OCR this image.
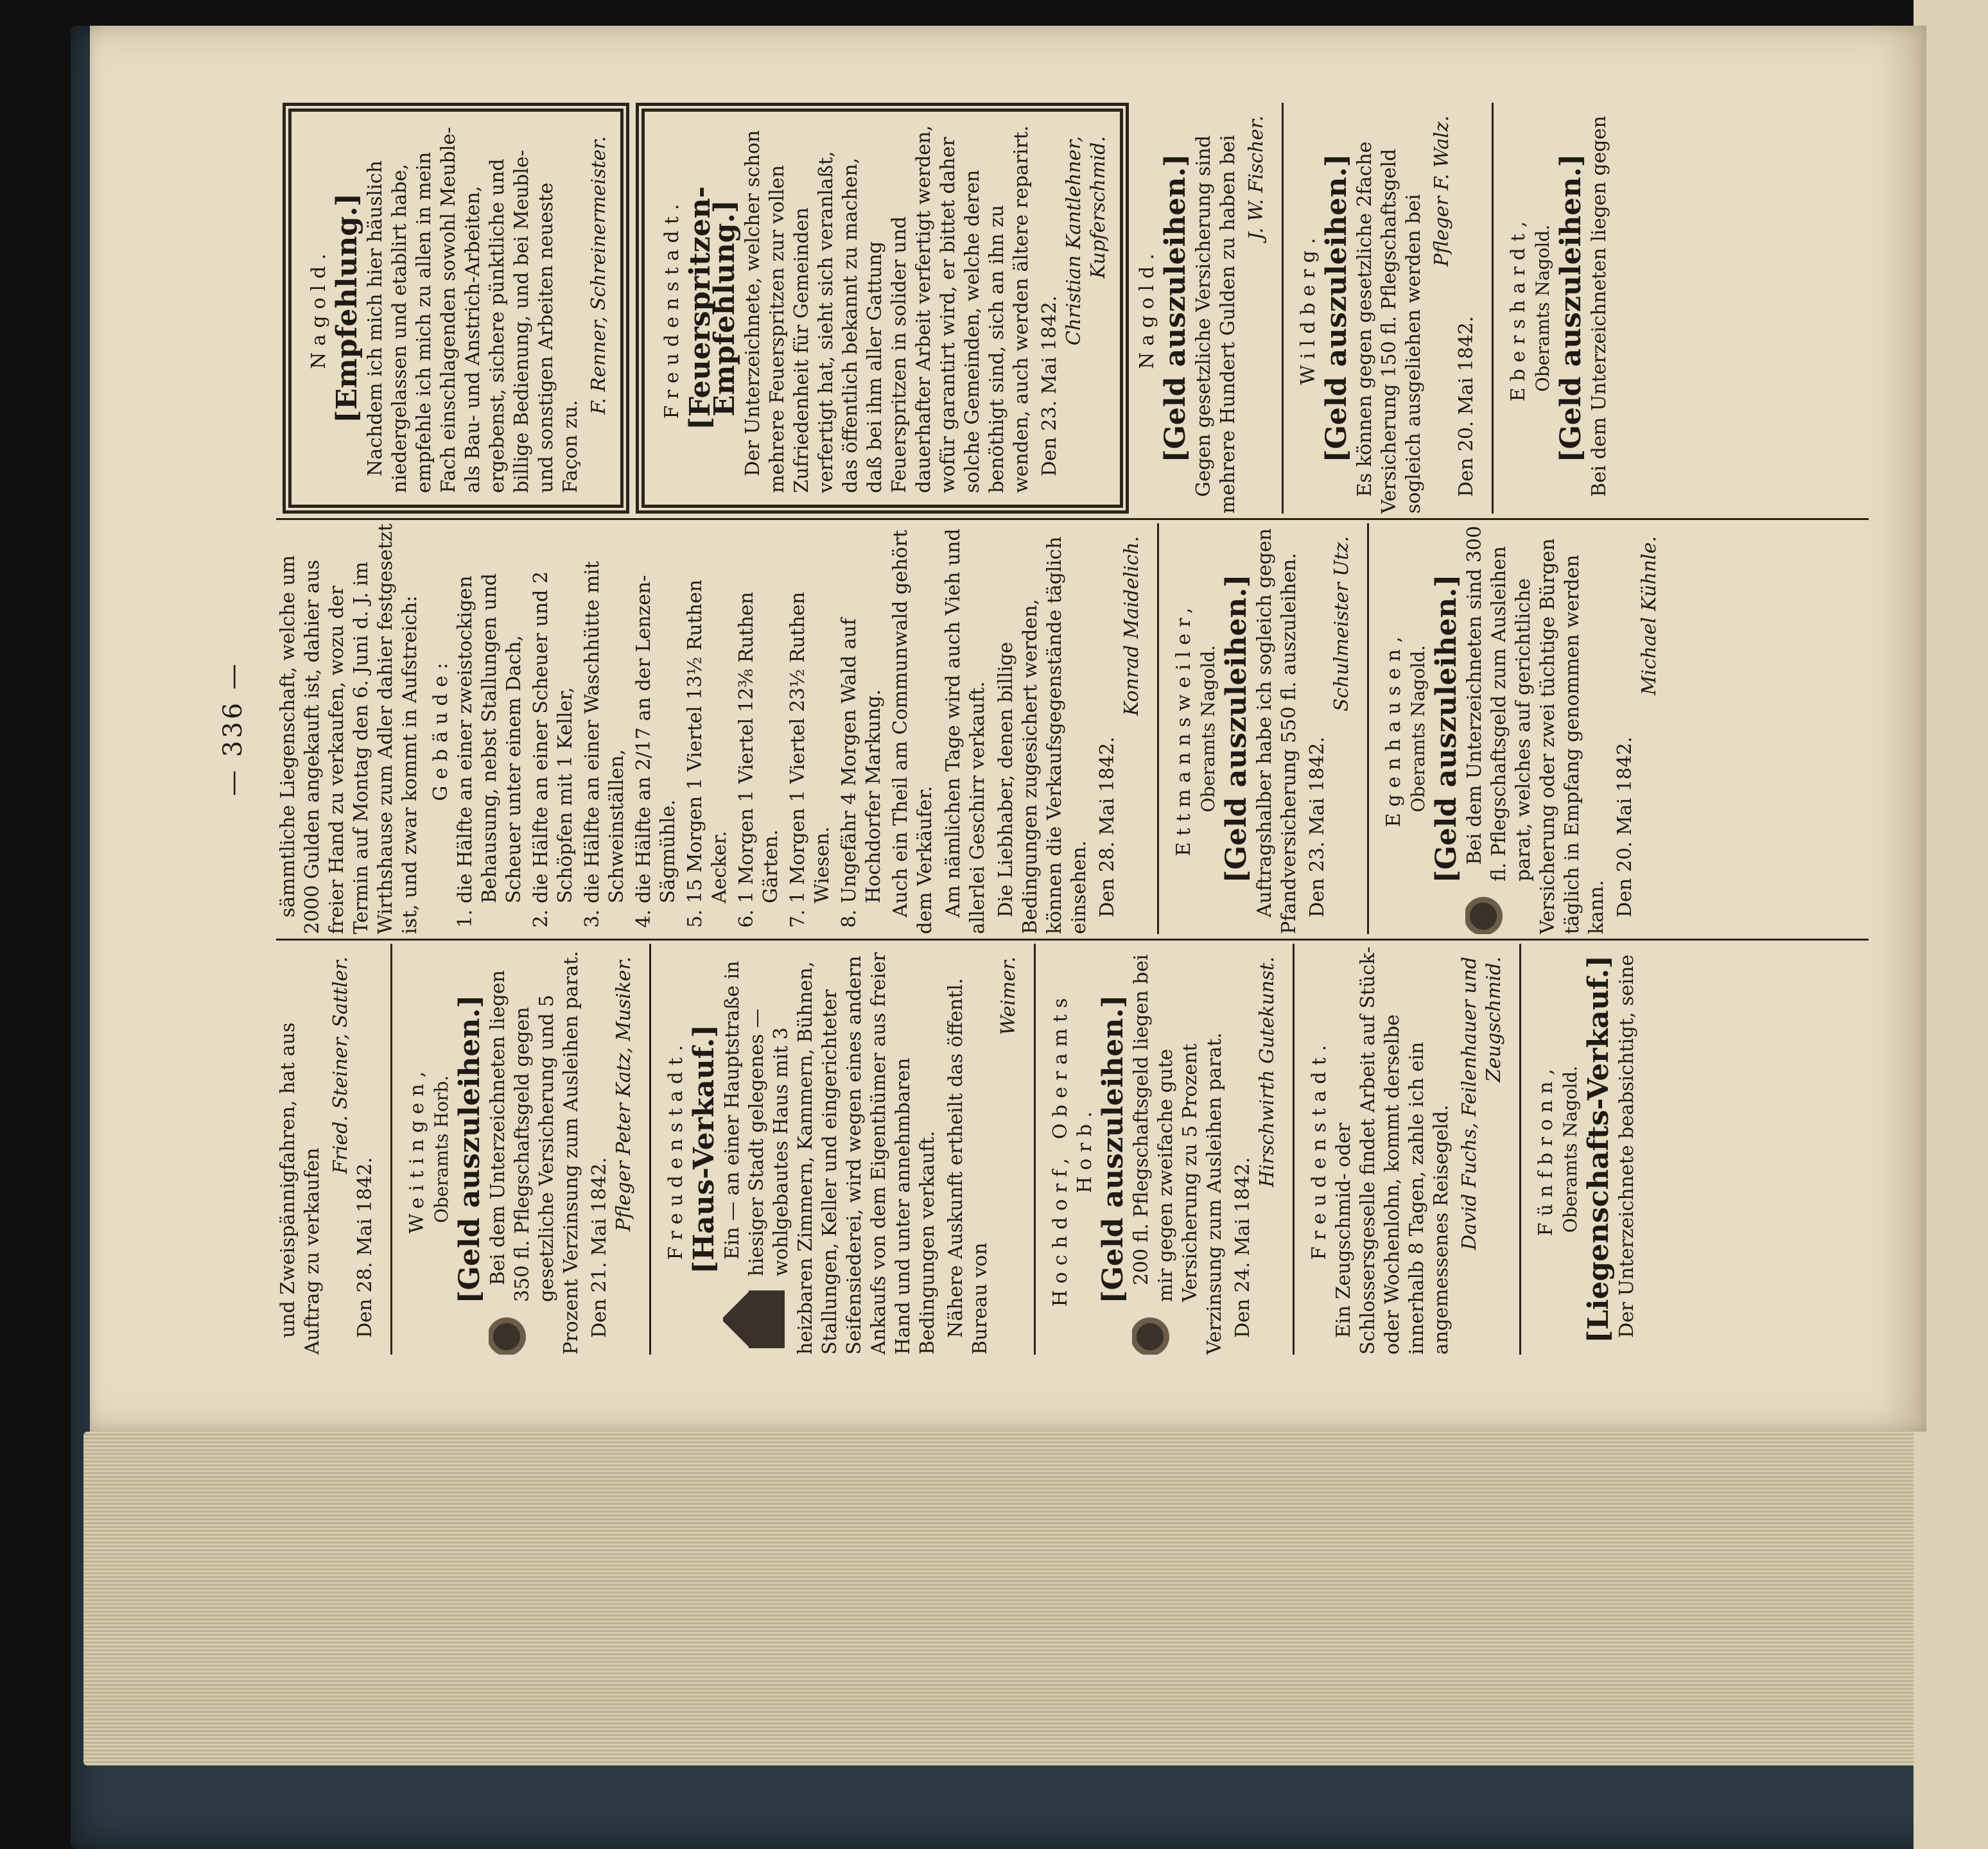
— 336 —

und Zweispännigfahren, hat aus Auftrag zu verkaufen

Fried. Steiner, Sattler.
Den 28. Mai 1842.
Weitingen, Oberamts Horb. [Geld auszuleihen.] Bei dem Unterzeichneten liegen 350 fl. Pflegschaftsgeld gegen gesetzliche Versicherung und 5 Prozent Verzinsung zum Ausleihen parat. Den 21. Mai 1842.
Pfleger Peter Katz, Musiker. Freudenstadt. [Haus-Verkauf.] Ein — an einer Hauptstraße in hiesiger Stadt gelegenes — wohlgebautes Haus mit 3 heizbaren Zimmern, Kammern, Bühnen, Stallungen, Keller und eingerichteter Seifensiederei, wird wegen eines andern Ankaufs von dem Eigenthümer aus freier Hand und unter annehmbaren Bedingungen verkauft. Nähere Auskunft ertheilt das öffentl. Bureau von

Weimer. Hochdorf, Oberamts Horb. [Geld auszuleihen.] 200 fl. Pflegschaftsgeld liegen bei mir gegen zweifache gute Versicherung zu 5 Prozent Verzinsung zum Ausleihen parat. Den 24. Mai 1842.
Hirschwirth Gutekunst. Freudenstadt. Ein Zeugschmid- oder Schlossersgeselle findet Arbeit auf Stück- oder Wochenlohn, kommt derselbe innerhalb 8 Tagen, zahle ich ein angemessenes Reisegeld. David Fuchs, Feilenhauer und Zeugschmid.
Fünfbronn, Oberamts Nagold. [Liegenschafts-Verkauf.] Der Unterzeichnete beabsichtigt, seine

sämmtliche Liegenschaft, welche um 2000 Gulden angekauft ist, dahier aus freier Hand zu verkaufen, wozu der Termin auf Montag den 6. Juni d. J. im Wirthshause zum Adler dahier festgesetzt ist, und zwar kommt in Aufstreich: Gebäude: 1. die Hälfte an einer zweistockigen Behausung, nebst Stallungen und Scheuer unter einem Dach, 2. die Hälfte an einer Scheuer und 2 Schöpfen mit 1 Keller, 3. die Hälfte an einer Waschhütte mit Schweinställen, 4. die Hälfte an 2/17 an der Lenzen-Sägmühle. 5. 15 Morgen 1 Viertel 13½ Ruthen Aecker. 6. 1 Morgen 1 Viertel 12⅜ Ruthen Gärten. 7. 1 Morgen 1 Viertel 23½ Ruthen Wiesen. 8. Ungefähr 4 Morgen Wald auf Hochdorfer Markung. Auch ein Theil am Communwald gehört dem Verkäufer. Am nämlichen Tage wird auch Vieh und allerlei Geschirr verkauft. Die Liebhaber, denen billige Bedingungen zugesichert werden, können die Verkaufsgegenstände täglich einsehen. Den 28. Mai 1842.
Konrad Maidelich. Ettmannsweiler, Oberamts Nagold. [Geld auszuleihen.] Auftragshalber habe ich sogleich gegen Pfandversicherung 550 fl. auszuleihen. Den 23. Mai 1842.
Schulmeister Utz.
Egenhausen, Oberamts Nagold. [Geld auszuleihen.] Bei dem Unterzeichneten sind 300 fl. Pflegschaftsgeld zum Ausleihen parat, welches auf gerichtliche Versicherung oder zwei tüchtige Bürgen täglich in Empfang genommen werden kann. Den 20. Mai 1842.
Michael Kühnle.
Nagold. [Empfehlung.] Nachdem ich mich hier häuslich niedergelassen und etablirt habe, empfehle ich mich zu allen in mein Fach einschlagenden sowohl Meuble- als Bau- und Anstrich-Arbeiten, ergebenst, sichere pünktliche und billige Bedienung, und bei Meuble- und sonstigen Arbeiten neueste Façon zu.

F. Renner, Schreinermeister.	Freudenstadt. [Feuerspritzen-Empfehlung.] Der Unterzeichnete, welcher schon mehrere Feuerspritzen zur vollen Zufriedenheit für Gemeinden verfertigt hat, sieht sich veranlaßt, das öffentlich bekannt zu machen, daß bei ihm aller Gattung Feuerspritzen in solider und dauerhafter Arbeit verfertigt werden, wofür garantirt wird, er bittet daher solche Gemeinden, welche deren benöthigt sind, sich an ihn zu wenden, auch werden ältere reparirt. Den 23. Mai 1842.
Christian Kantlehner, Kupferschmid.
Nagold. [Geld auszuleihen.] Gegen gesetzliche Versicherung sind mehrere Hundert Gulden zu haben bei J. W. Fischer.
Wildberg. [Geld auszuleihen.] Es können gegen gesetzliche 2fache Versicherung 150 fl. Pflegschaftsgeld sogleich ausgeliehen werden bei

Pfleger F. Walz.
Den 20. Mai 1842.
Ebershardt, Oberamts Nagold. [Geld auszuleihen.] Bei dem Unterzeichneten liegen gegen
